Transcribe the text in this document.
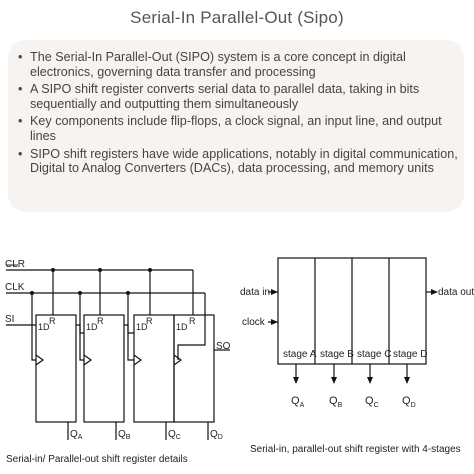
Serial-In Parallel-Out (Sipo)
• The Serial-In Parallel-Out (SIPO) system is a core concept in digital electronics, governing data transfer and processing
• A SIPO shift register converts serial data to parallel data, taking in bits sequentially and outputting them simultaneously
• Key components include flip-flops, a clock signal, an input line, and output lines
• SIPO shift registers have wide applications, notably in digital communication, Digital to Analog Converters (DACs), data processing, and memory units
CLR
CLK
SI
SO
1D	1D	1D	1D
R	R	R	R
$Q_A$	$Q_B$	$Q_C$	$Q_D$
Serial-in/ Parallel-out shift register details
data in
clock
data out
stage A stage B stage C stage D
$Q_A$ $Q_B$ $Q_C$ $Q_D$
Serial-in, parallel-out shift register with 4-stages
